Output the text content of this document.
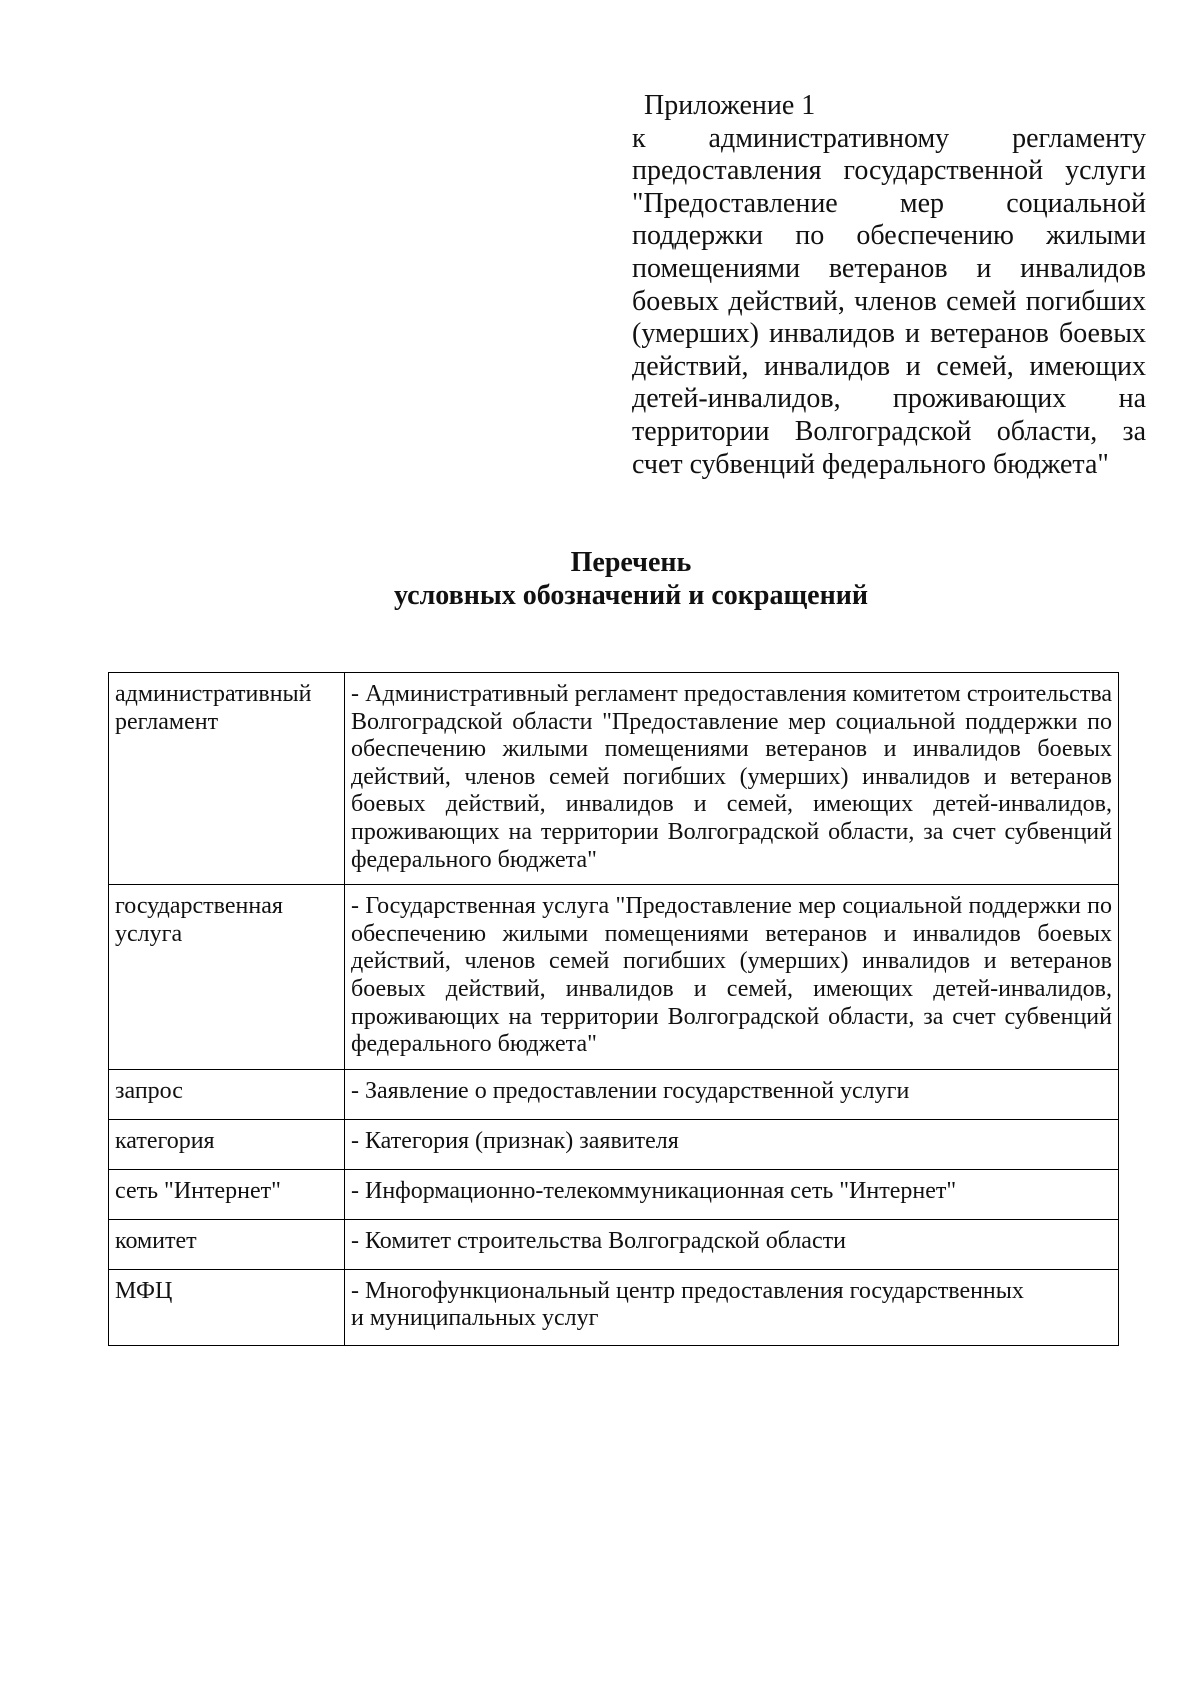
Приложение 1
к административному регламенту предоставления государственной услуги "Предоставление мер социальной поддержки по обеспечению жилыми помещениями ветеранов и инвалидов боевых действий, членов семей погибших (умерших) инвалидов и ветеранов боевых действий, инвалидов и семей, имеющих детей-инвалидов, проживающих на территории Волгоградской области, за счет субвенций федерального бюджета"
Перечень
условных обозначений и сокращений
административный регламент	- Административный регламент предоставления комитетом строительства Волгоградской области "Предоставление мер социальной поддержки по обеспечению жилыми помещениями ветеранов и инвалидов боевых действий, членов семей погибших (умерших) инвалидов и ветеранов боевых действий, инвалидов и семей, имеющих детей-инвалидов, проживающих на территории Волгоградской области, за счет субвенций федерального бюджета"
государственная услуга	- Государственная услуга "Предоставление мер социальной поддержки по обеспечению жилыми помещениями ветеранов и инвалидов боевых действий, членов семей погибших (умерших) инвалидов и ветеранов боевых действий, инвалидов и семей, имеющих детей-инвалидов, проживающих на территории Волгоградской области, за счет субвенций федерального бюджета"
запрос	- Заявление о предоставлении государственной услуги
категория	- Категория (признак) заявителя
сеть "Интернет"	- Информационно-телекоммуникационная сеть "Интернет"
комитет	- Комитет строительства Волгоградской области
МФЦ	- Многофункциональный центр предоставления государственных
и муниципальных услуг
